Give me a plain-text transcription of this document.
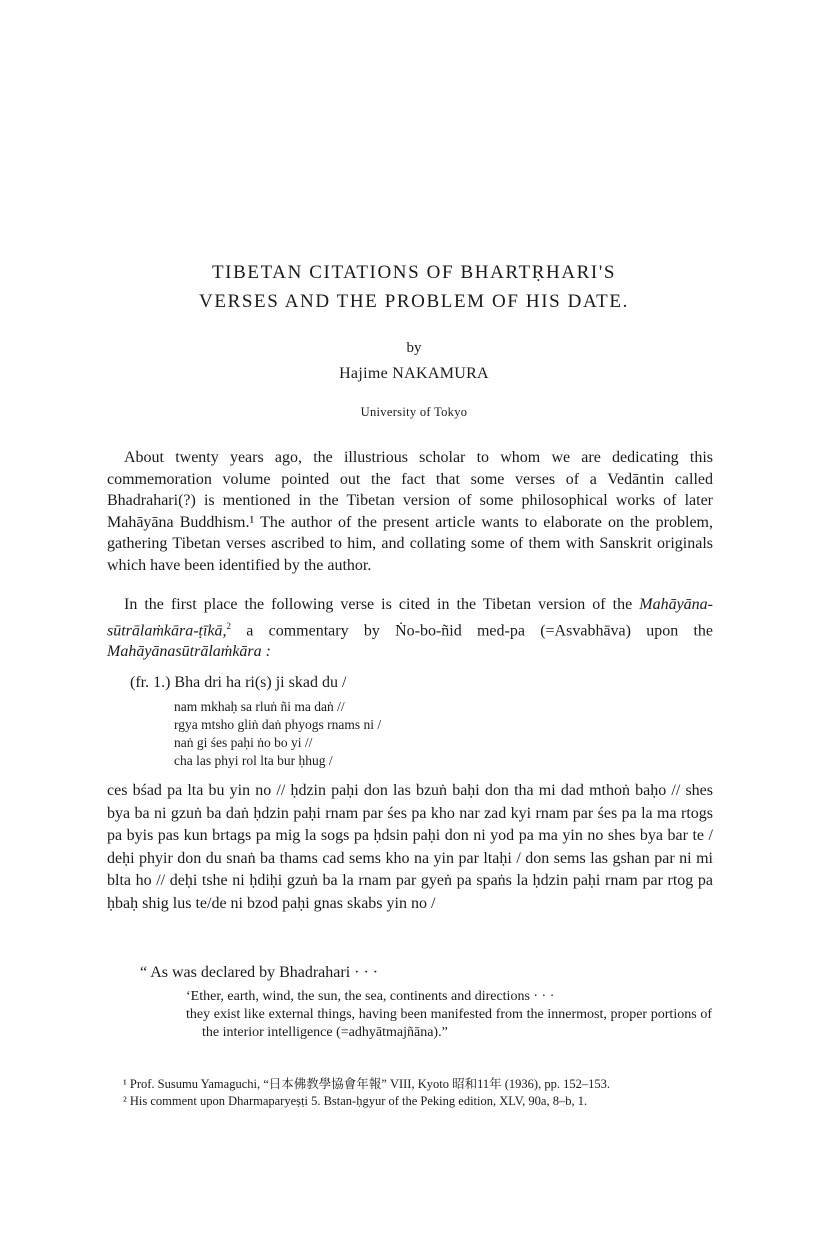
TIBETAN CITATIONS OF BHARTṚHARI'S
VERSES AND THE PROBLEM OF HIS DATE.
by
Hajime NAKAMURA
University of Tokyo
About twenty years ago, the illustrious scholar to whom we are dedicating this commemoration volume pointed out the fact that some verses of a Vedāntin called Bhadrahari(?) is mentioned in the Tibetan version of some philosophical works of later Mahāyāna Buddhism.¹ The author of the present article wants to elaborate on the problem, gathering Tibetan verses ascribed to him, and collating some of them with Sanskrit originals which have been identified by the author.
In the first place the following verse is cited in the Tibetan version of the Mahāyāna-sūtrālaṁkāra-ṭīkā,$^2$ a commentary by Ṅo-bo-ñid med-pa (=Asvabhāva) upon the Mahāyānasūtrālaṁkāra :
(fr. 1.) Bha dri ha ri(s) ji skad du /
nam mkhaḥ sa rluṅ ñi ma daṅ //
rgya mtsho gliṅ daṅ phyogs rnams ni /
naṅ gi śes paḥi ṅo bo yi //
cha las phyi rol lta bur ḥhug /
ces bśad pa lta bu yin no // ḥdzin paḥi don las bzuṅ baḥi don tha mi dad mthoṅ baḥo // shes bya ba ni gzuṅ ba daṅ ḥdzin paḥi rnam par śes pa kho nar zad kyi rnam par śes pa la ma rtogs pa byis pas kun brtags pa mig la sogs pa ḥdsin paḥi don ni yod pa ma yin no shes bya bar te / deḥi phyir don du snaṅ ba thams cad sems kho na yin par ltaḥi / don sems las gshan par ni mi blta ho // deḥi tshe ni ḥdiḥi gzuṅ ba la rnam par gyeṅ pa spaṅs la ḥdzin paḥi rnam par rtog pa ḥbaḥ shig lus te/de ni bzod paḥi gnas skabs yin no /
“ As was declared by Bhadrahari · · ·
‘Ether, earth, wind, the sun, the sea, continents and directions · · ·
they exist like external things, having been manifested from the innermost, proper portions of the interior intelligence (=adhyātmajñāna).”
¹ Prof. Susumu Yamaguchi, “日本佛教學協會年報” VIII, Kyoto 昭和11年 (1936), pp. 152–153.
² His comment upon Dharmaparyeṣṭi 5. Bstan-ḥgyur of the Peking edition, XLV, 90a, 8–b, 1.
